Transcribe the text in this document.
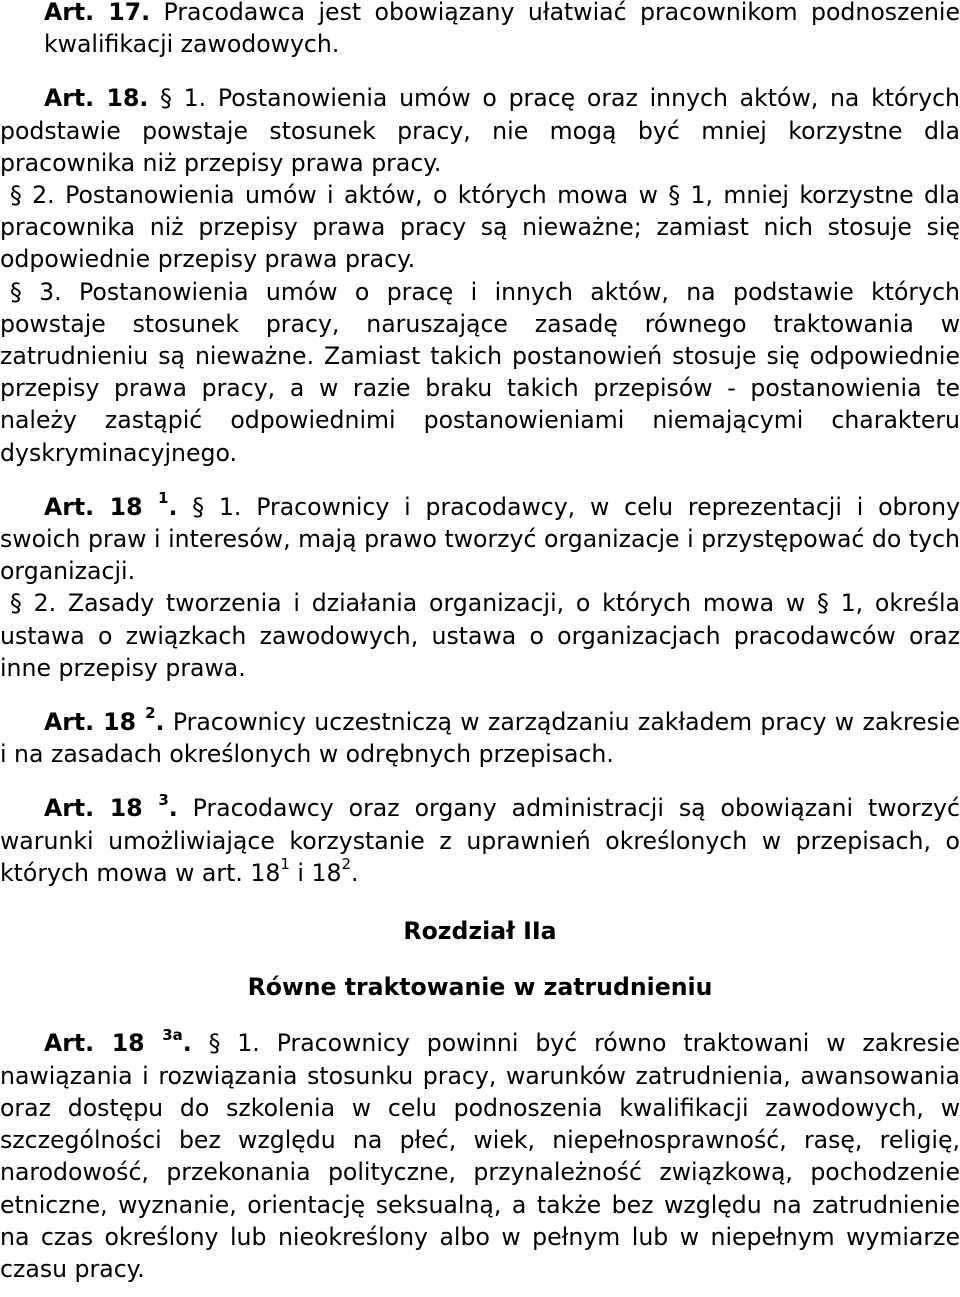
Art. 17. Pracodawca jest obowiązany ułatwiać pracownikom podnoszenie kwalifikacji zawodowych.

Art. 18. § 1. Postanowienia umów o pracę oraz innych aktów, na których podstawie powstaje stosunek pracy, nie mogą być mniej korzystne dla pracownika niż przepisy prawa pracy.

§ 2. Postanowienia umów i aktów, o których mowa w § 1, mniej korzystne dla pracownika niż przepisy prawa pracy są nieważne; zamiast nich stosuje się odpowiednie przepisy prawa pracy.

§ 3. Postanowienia umów o pracę i innych aktów, na podstawie których powstaje stosunek pracy, naruszające zasadę równego traktowania w zatrudnieniu są nieważne. Zamiast takich postanowień stosuje się odpowiednie przepisy prawa pracy, a w razie braku takich przepisów - postanowienia te należy zastąpić odpowiednimi postanowieniami niemającymi charakteru dyskryminacyjnego.

Art. 18 $^1$. § 1. Pracownicy i pracodawcy, w celu reprezentacji i obrony swoich praw i interesów, mają prawo tworzyć organizacje i przystępować do tych organizacji.

§ 2. Zasady tworzenia i działania organizacji, o których mowa w § 1, określa ustawa o związkach zawodowych, ustawa o organizacjach pracodawców oraz inne przepisy prawa.

Art. 18 $^2$. Pracownicy uczestniczą w zarządzaniu zakładem pracy w zakresie i na zasadach określonych w odrębnych przepisach.

Art. 18 $^3$. Pracodawcy oraz organy administracji są obowiązani tworzyć warunki umożliwiające korzystanie z uprawnień określonych w przepisach, o których mowa w art. $18^1$ i $18^2$.

Rozdział IIa

Równe traktowanie w zatrudnieniu

Art. 18 $^{3a}$. § 1. Pracownicy powinni być równo traktowani w zakresie nawiązania i rozwiązania stosunku pracy, warunków zatrudnienia, awansowania oraz dostępu do szkolenia w celu podnoszenia kwalifikacji zawodowych, w szczególności bez względu na płeć, wiek, niepełnosprawność, rasę, religię, narodowość, przekonania polityczne, przynależność związkową, pochodzenie etniczne, wyznanie, orientację seksualną, a także bez względu na zatrudnienie na czas określony lub nieokreślony albo w pełnym lub w niepełnym wymiarze czasu pracy.
